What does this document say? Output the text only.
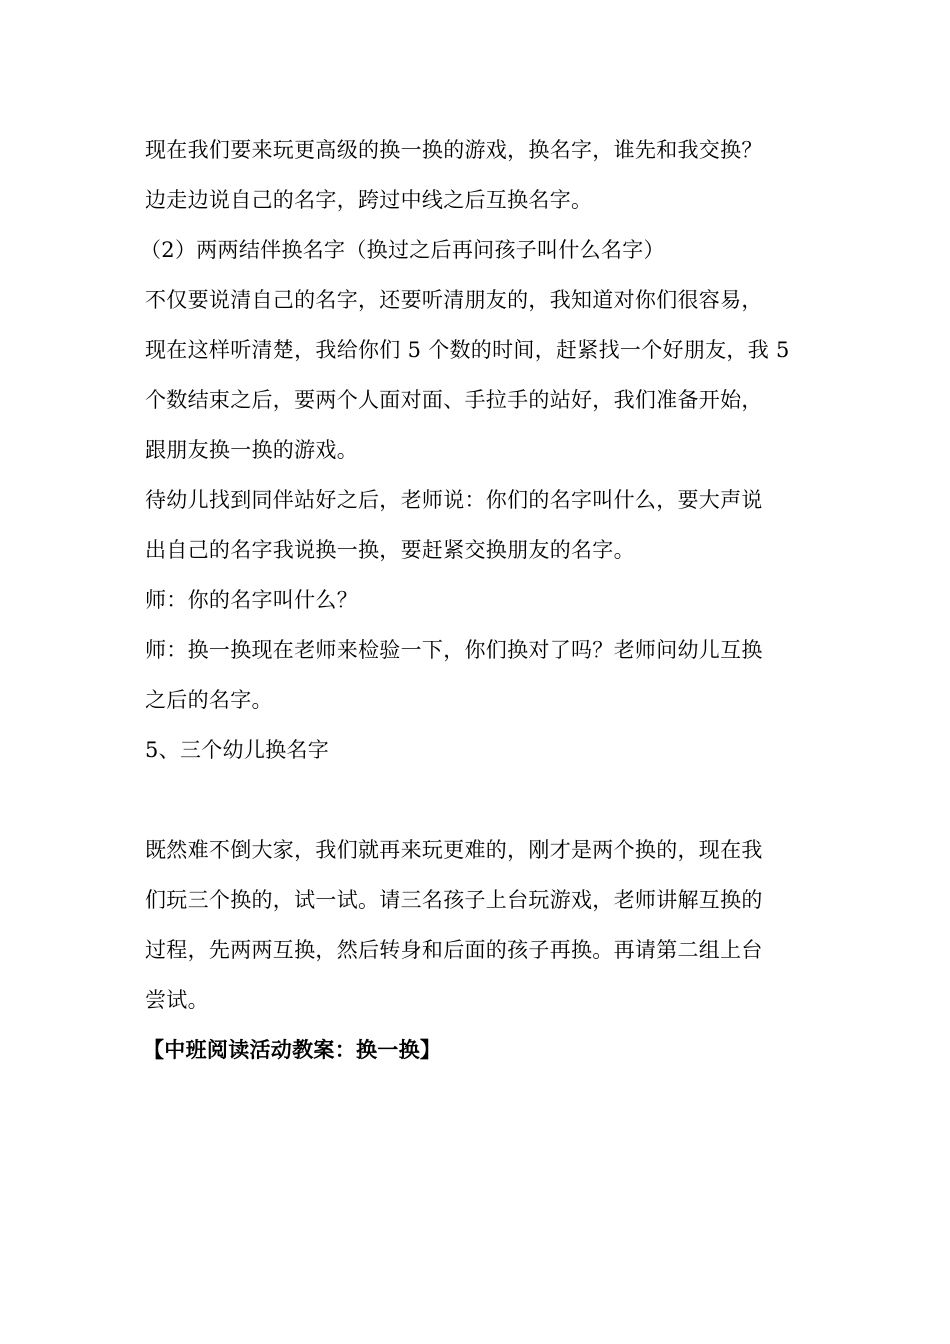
现在我们要来玩更高级的换一换的游戏，换名字，谁先和我交换？
边走边说自己的名字，跨过中线之后互换名字。
（2）两两结伴换名字（换过之后再问孩子叫什么名字）
不仅要说清自己的名字，还要听清朋友的，我知道对你们很容易，
现在这样听清楚，我给你们 5 个数的时间，赶紧找一个好朋友，我 5
个数结束之后，要两个人面对面、手拉手的站好，我们准备开始，
跟朋友换一换的游戏。
待幼儿找到同伴站好之后，老师说：你们的名字叫什么，要大声说
出自己的名字我说换一换，要赶紧交换朋友的名字。
师：你的名字叫什么？
师：换一换现在老师来检验一下，你们换对了吗？老师问幼儿互换
之后的名字。
5、三个幼儿换名字
既然难不倒大家，我们就再来玩更难的，刚才是两个换的，现在我
们玩三个换的，试一试。请三名孩子上台玩游戏，老师讲解互换的
过程，先两两互换，然后转身和后面的孩子再换。再请第二组上台
尝试。
【中班阅读活动教案：换一换】
